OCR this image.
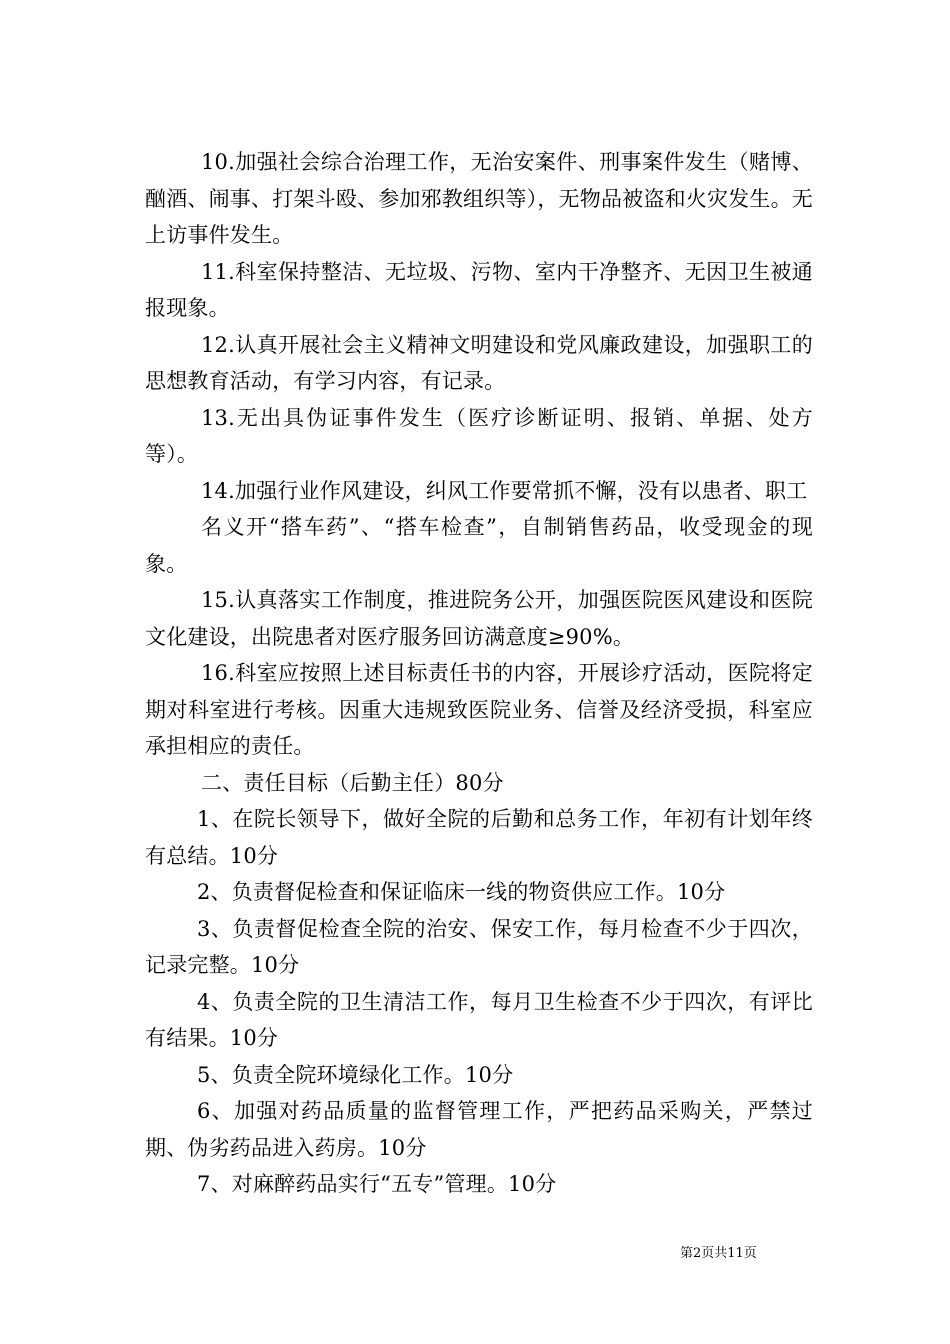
10.加强社会综合治理工作，无治安案件、刑事案件发生（赌博、酗酒、闹事、打架斗殴、参加邪教组织等），无物品被盗和火灾发生。无上访事件发生。

11.科室保持整洁、无垃圾、污物、室内干净整齐、无因卫生被通报现象。

12.认真开展社会主义精神文明建设和党风廉政建设，加强职工的思想教育活动，有学习内容，有记录。

13.无出具伪证事件发生（医疗诊断证明、报销、单据、处方等）。

14.加强行业作风建设，纠风工作要常抓不懈，没有以患者、职工

名义开“搭车药”、“搭车检查”，自制销售药品，收受现金的现象。

15.认真落实工作制度，推进院务公开，加强医院医风建设和医院文化建设，出院患者对医疗服务回访满意度≥90%。

16.科室应按照上述目标责任书的内容，开展诊疗活动，医院将定期对科室进行考核。因重大违规致医院业务、信誉及经济受损，科室应承担相应的责任。

二、责任目标（后勤主任）80分

1、在院长领导下，做好全院的后勤和总务工作，年初有计划年终有总结。10分

2、负责督促检查和保证临床一线的物资供应工作。10分

3、负责督促检查全院的治安、保安工作，每月检查不少于四次，记录完整。10分

4、负责全院的卫生清洁工作，每月卫生检查不少于四次，有评比有结果。10分

5、负责全院环境绿化工作。10分

6、加强对药品质量的监督管理工作，严把药品采购关，严禁过期、伪劣药品进入药房。10分

7、对麻醉药品实行“五专”管理。10分

第2页共11页
